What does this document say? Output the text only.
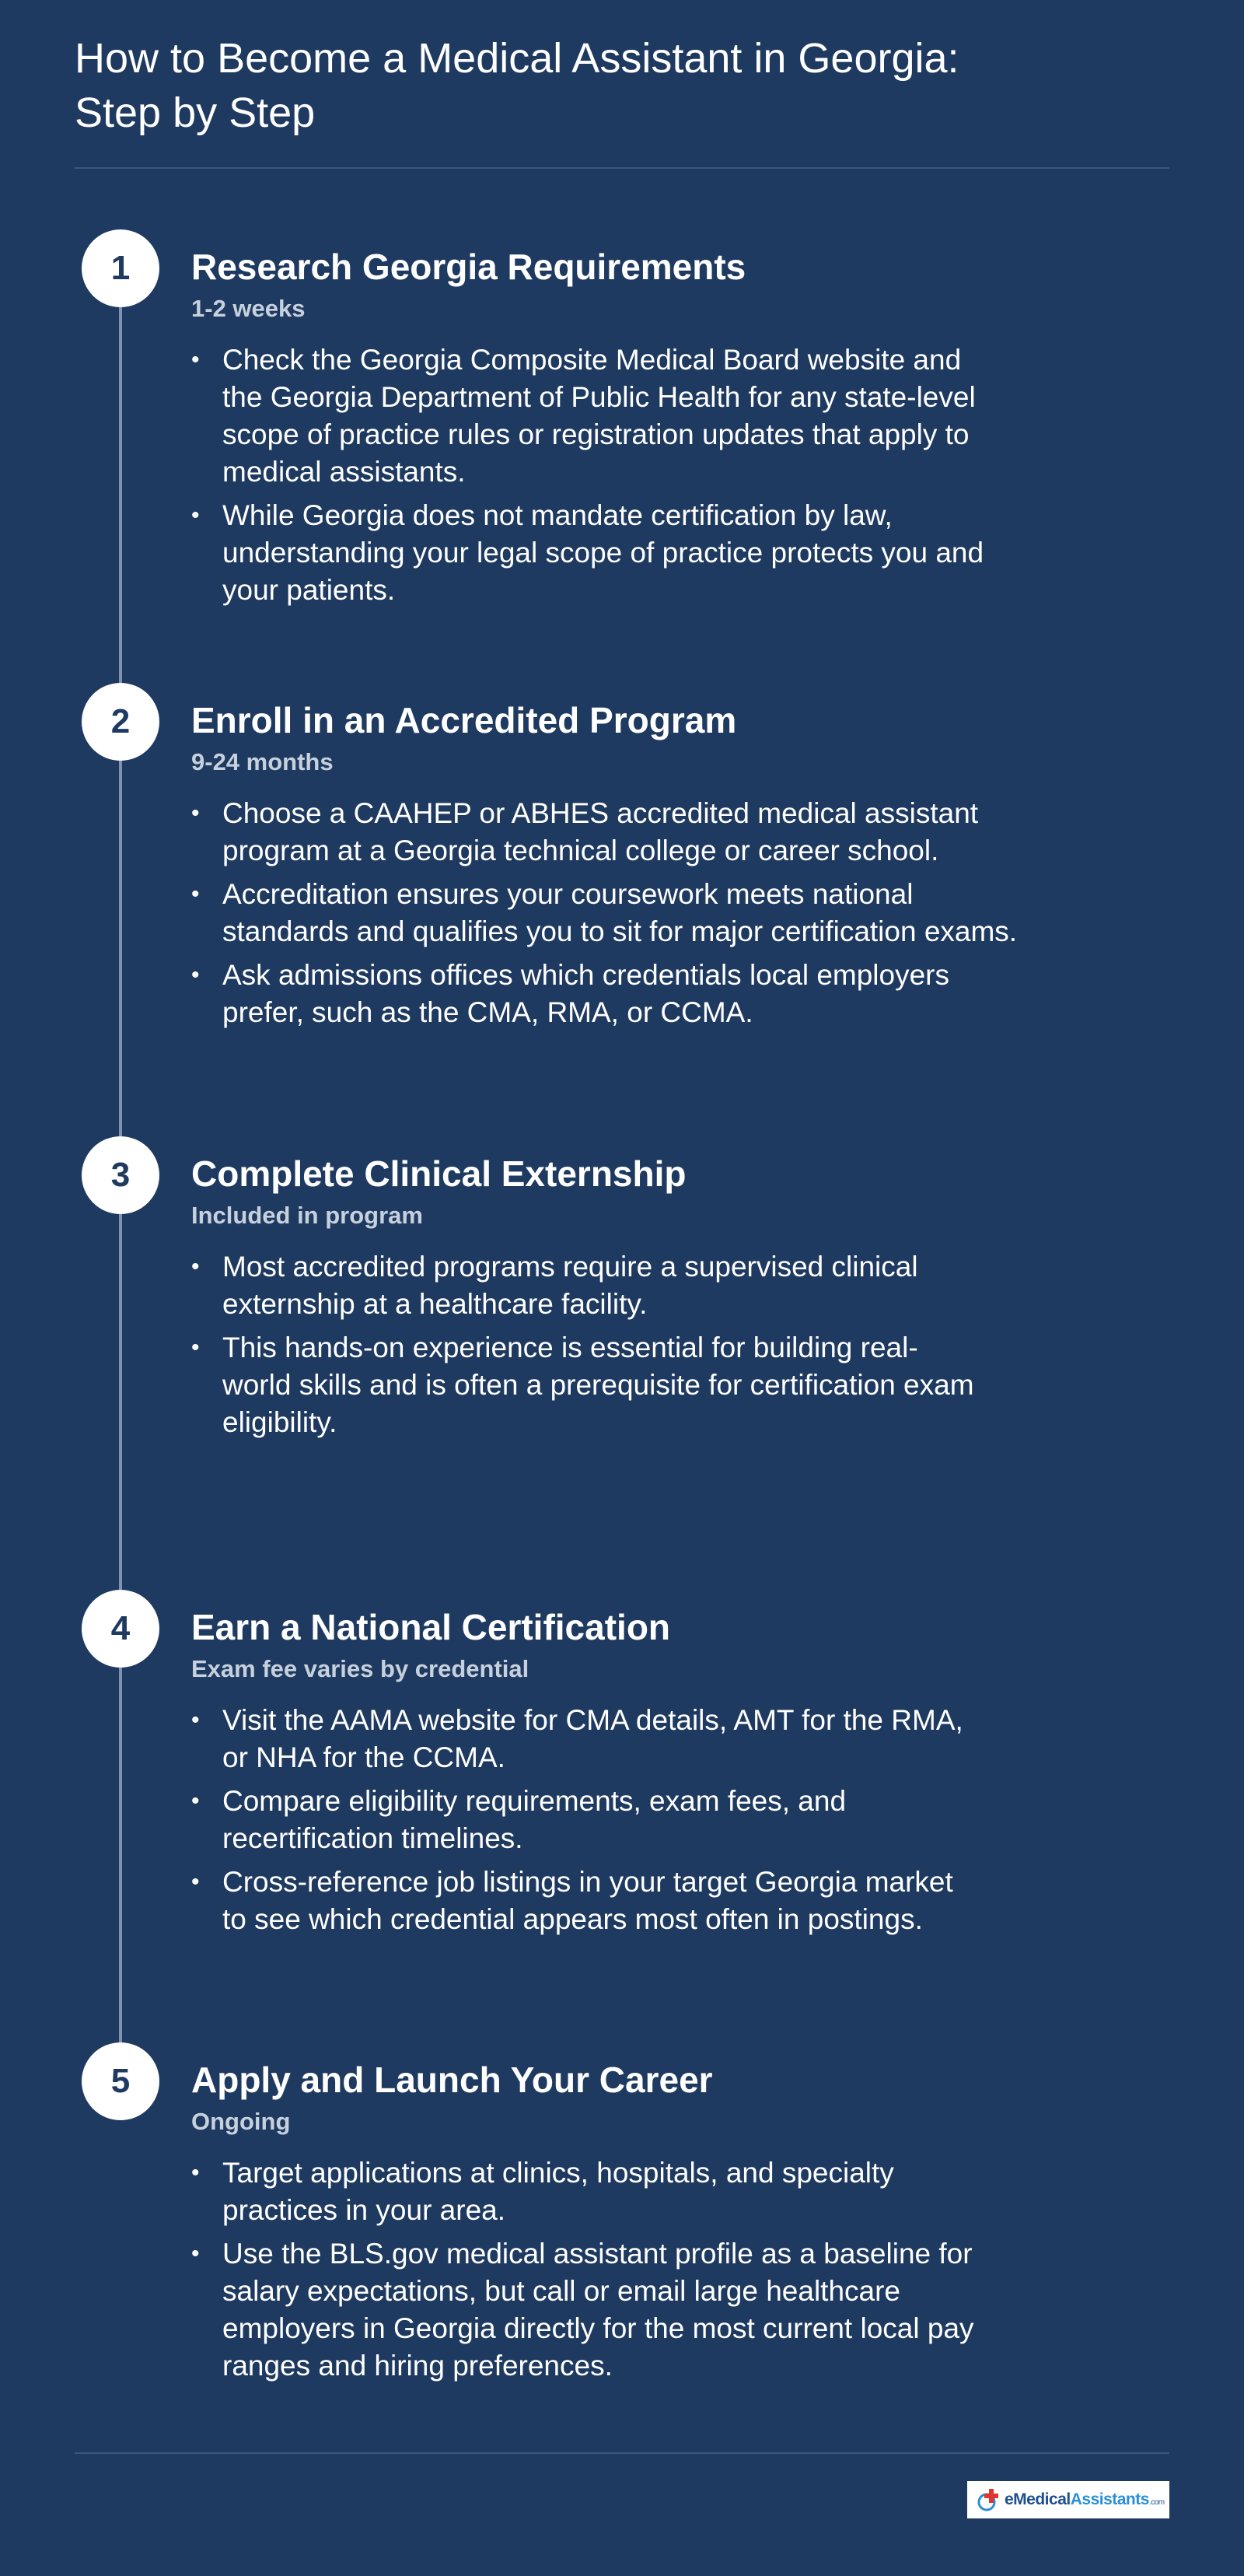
How to Become a Medical Assistant in Georgia:
Step by Step
1	Research Georgia Requirements
1-2 weeks
• Check the Georgia Composite Medical Board website and the Georgia Department of Public Health for any state-level scope of practice rules or registration updates that apply to medical assistants.
• While Georgia does not mandate certification by law, understanding your legal scope of practice protects you and your patients.
2	Enroll in an Accredited Program
9-24 months
• Choose a CAAHEP or ABHES accredited medical assistant program at a Georgia technical college or career school.
• Accreditation ensures your coursework meets national standards and qualifies you to sit for major certification exams.
• Ask admissions offices which credentials local employers prefer, such as the CMA, RMA, or CCMA.
3	Complete Clinical Externship
Included in program
• Most accredited programs require a supervised clinical externship at a healthcare facility.
• This hands-on experience is essential for building real-world skills and is often a prerequisite for certification exam eligibility.
4	Earn a National Certification
Exam fee varies by credential
• Visit the AAMA website for CMA details, AMT for the RMA, or NHA for the CCMA.
• Compare eligibility requirements, exam fees, and recertification timelines.
• Cross-reference job listings in your target Georgia market to see which credential appears most often in postings.
5	Apply and Launch Your Career
Ongoing
• Target applications at clinics, hospitals, and specialty practices in your area.
• Use the BLS.gov medical assistant profile as a baseline for salary expectations, but call or email large healthcare employers in Georgia directly for the most current local pay ranges and hiring preferences.
eMedicalAssistants.com
